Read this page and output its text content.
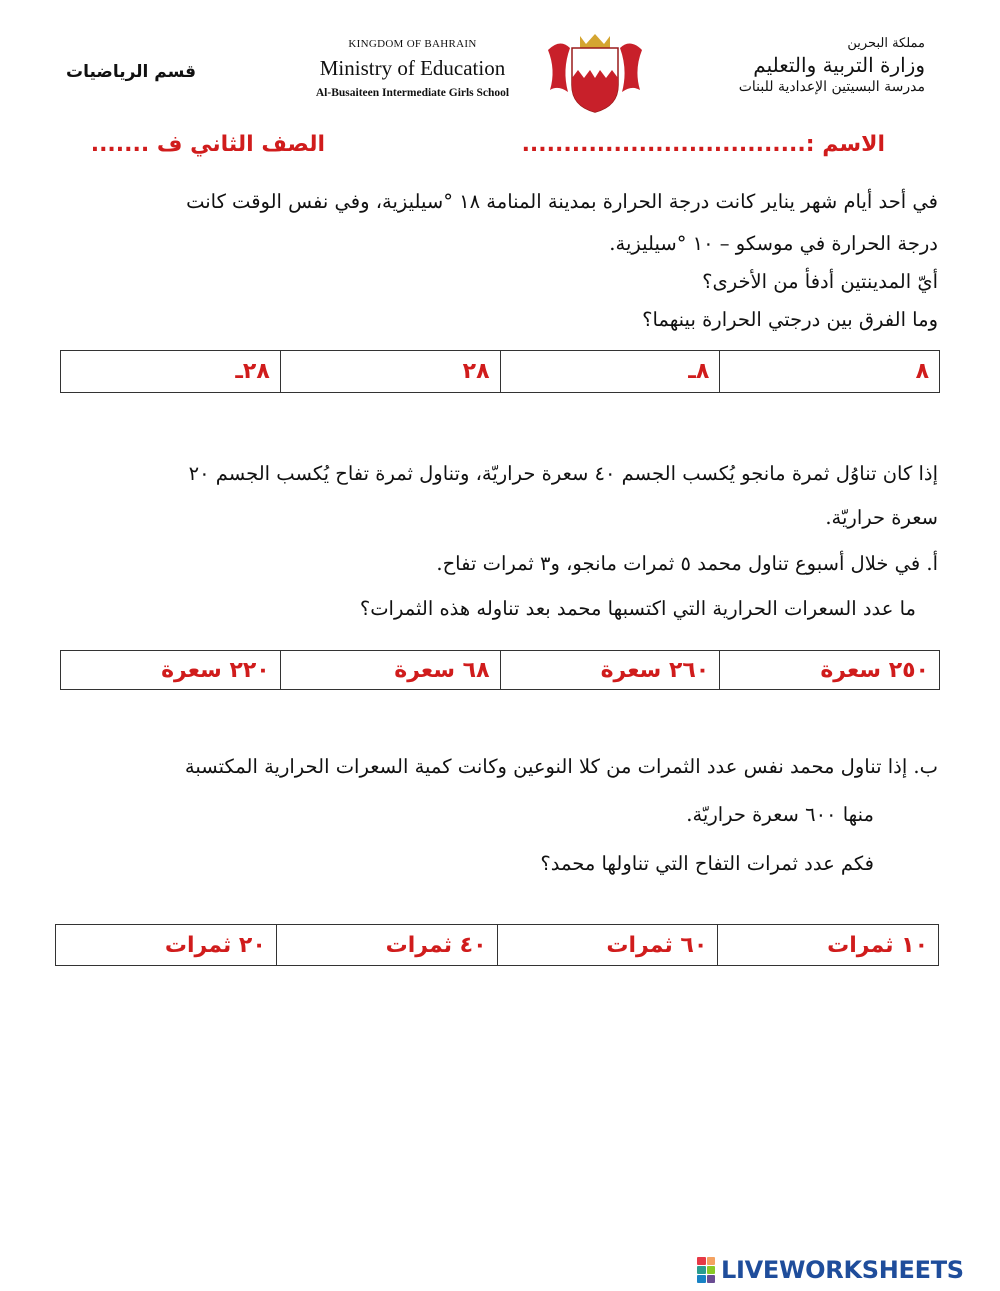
قسم الرياضيات
KINGDOM OF BAHRAIN
Ministry of Education
Al-Busaiteen Intermediate Girls School
مملكة البحرين
وزارة التربية والتعليم
مدرسة البسيتين الإعدادية للبنات
الاسم :..................................
الصف الثاني ف .......
في أحد أيام شهر يناير كانت درجة الحرارة بمدينة المنامة ١٨ °سيليزية، وفي نفس الوقت كانت
درجة الحرارة في موسكو – ١٠ °سيليزية.
أيّ المدينتين أدفأ من الأخرى؟
وما الفرق بين درجتي الحرارة بينهما؟
٨	٨ـ	٢٨	٢٨ـ
إذا كان تناوُل ثمرة مانجو يُكسب الجسم ٤٠ سعرة حراريّة، وتناول ثمرة تفاح يُكسب الجسم ٢٠
سعرة حراريّة.
أ. في خلال أسبوع تناول محمد ٥ ثمرات مانجو، و٣ ثمرات تفاح.
ما عدد السعرات الحرارية التي اكتسبها محمد بعد تناوله هذه الثمرات؟
٢٥٠ سعرة	٢٦٠ سعرة	٦٨ سعرة	٢٢٠ سعرة
ب. إذا تناول محمد نفس عدد الثمرات من كلا النوعين وكانت كمية السعرات الحرارية المكتسبة
منها ٦٠٠ سعرة حراريّة.
فكم عدد ثمرات التفاح التي تناولها محمد؟
١٠ ثمرات	٦٠ ثمرات	٤٠ ثمرات	٢٠ ثمرات
LIVEWORKSHEETS
